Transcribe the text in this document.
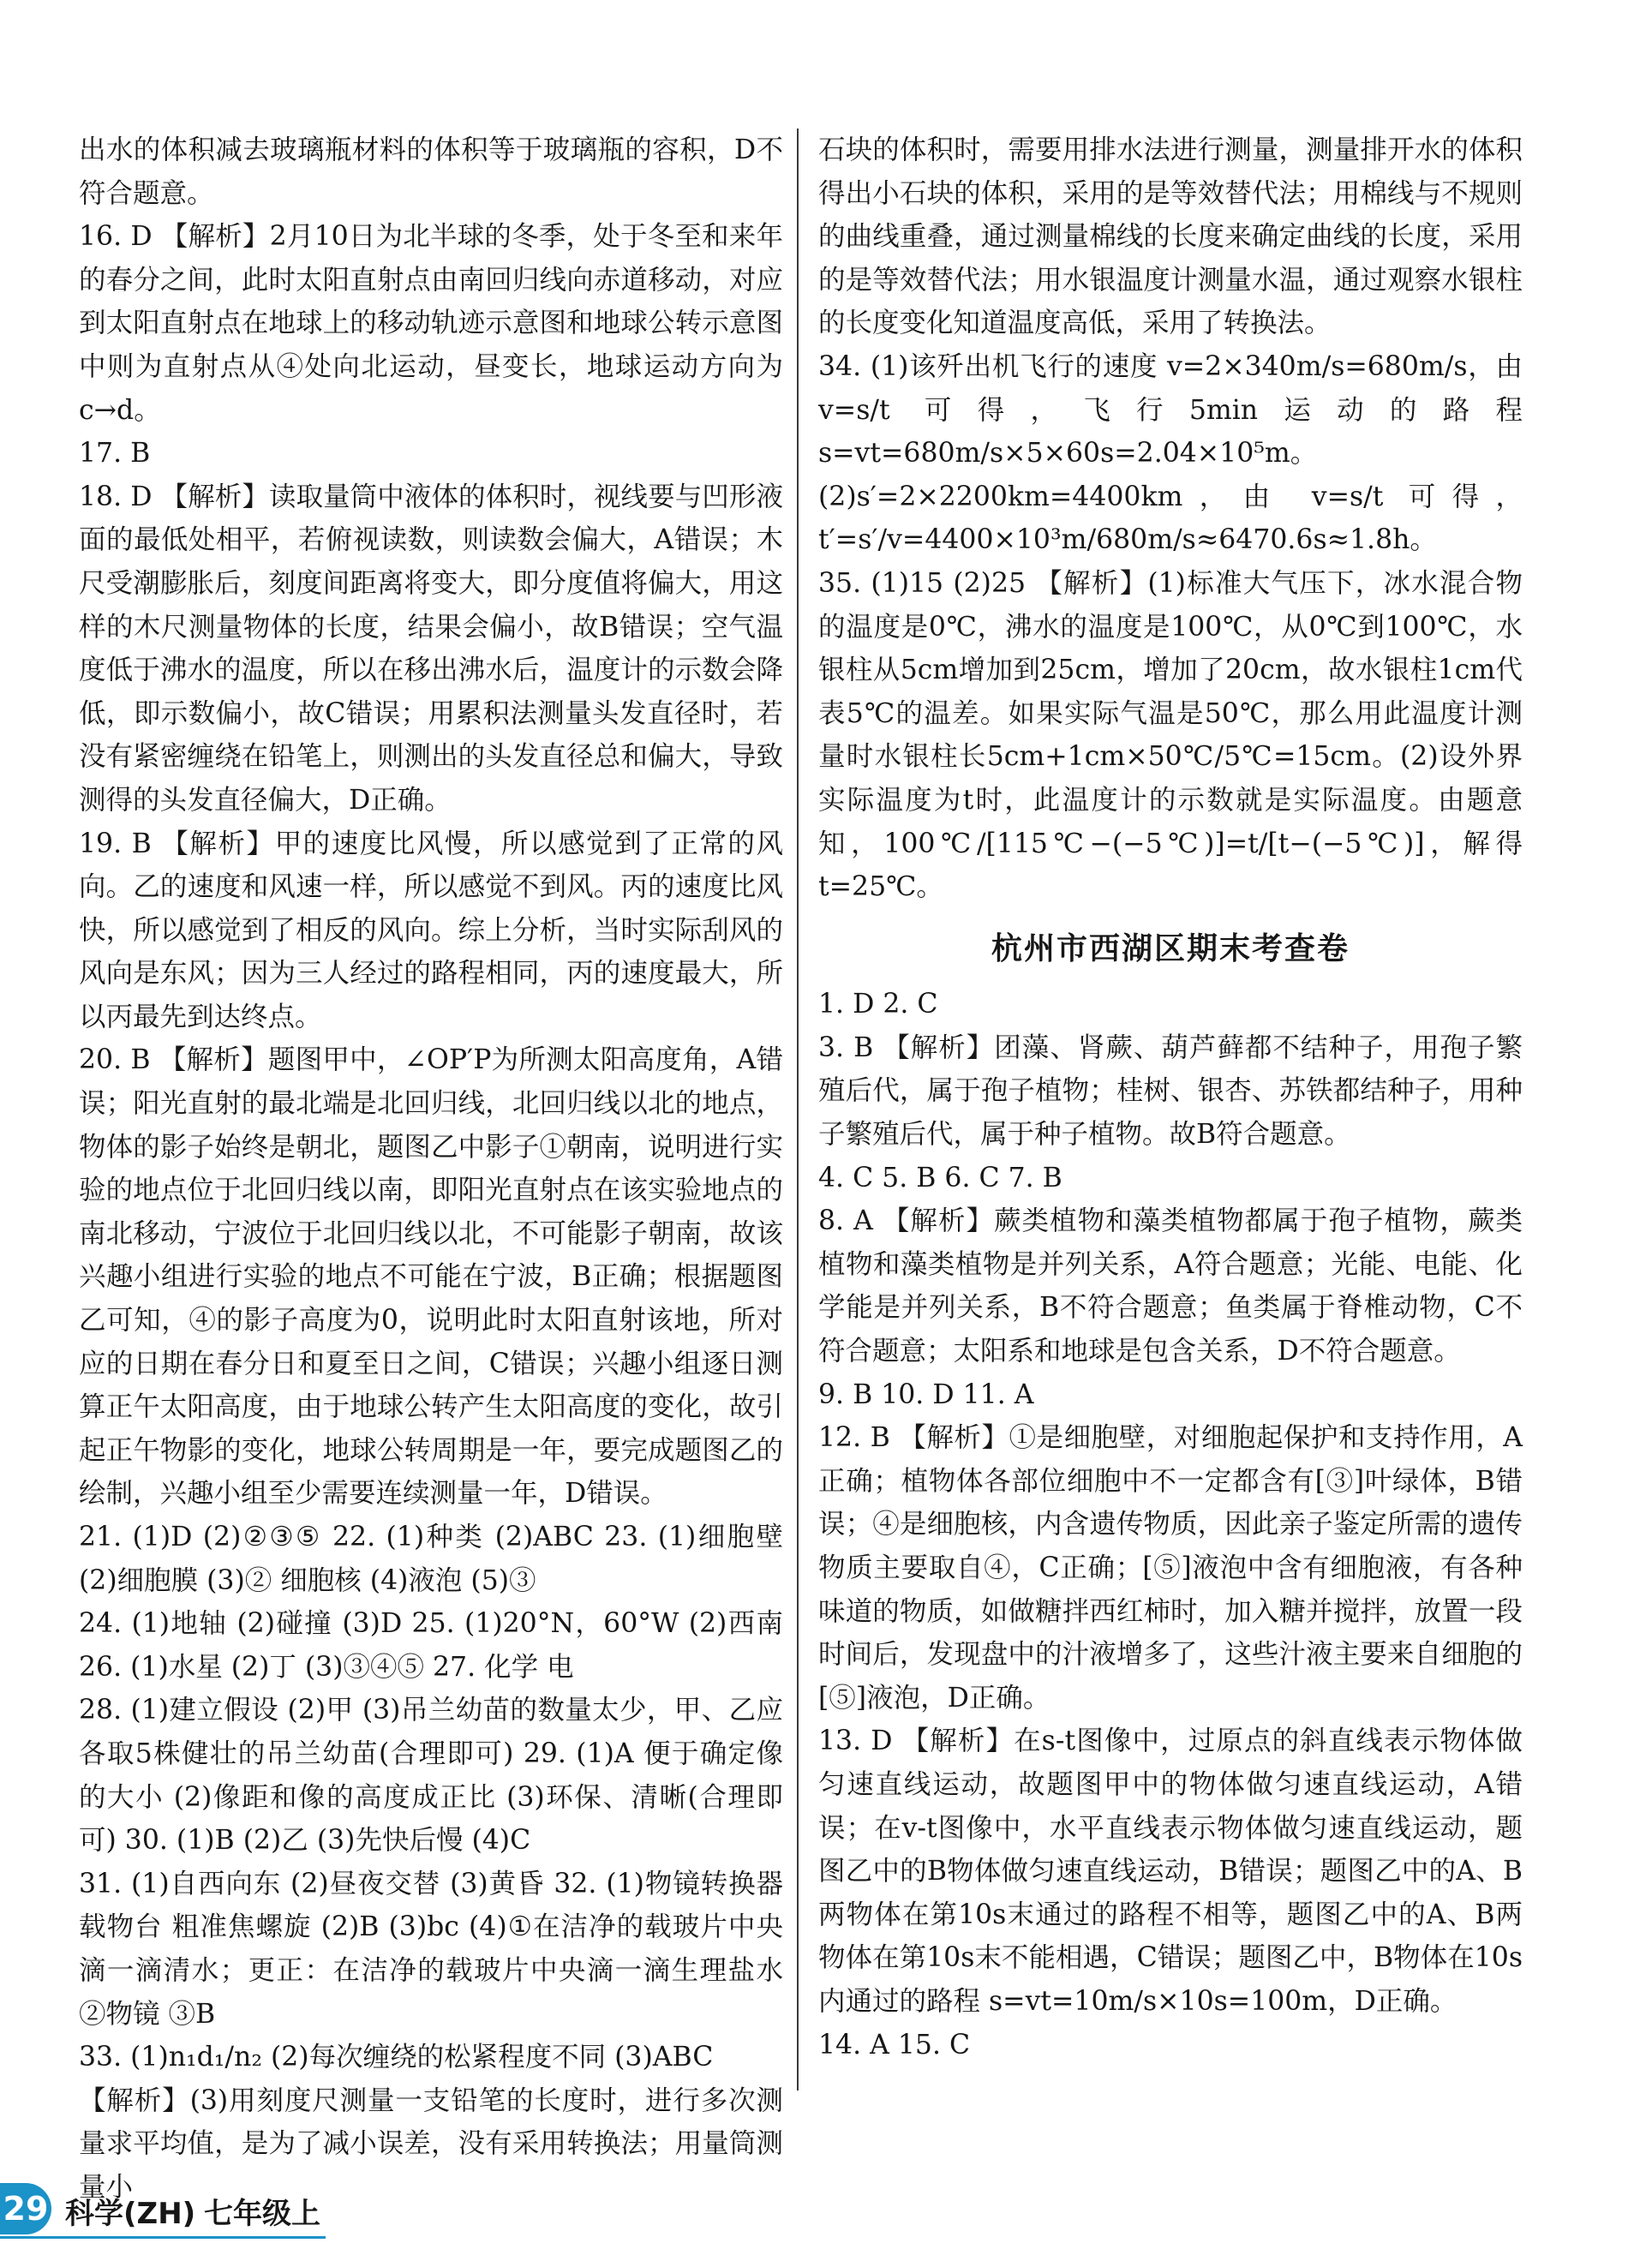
出水的体积减去玻璃瓶材料的体积等于玻璃瓶的容积，D不符合题意。

16. D 【解析】2月10日为北半球的冬季，处于冬至和来年的春分之间，此时太阳直射点由南回归线向赤道移动，对应到太阳直射点在地球上的移动轨迹示意图和地球公转示意图中则为直射点从④处向北运动，昼变长，地球运动方向为c→d。

17. B

18. D 【解析】读取量筒中液体的体积时，视线要与凹形液面的最低处相平，若俯视读数，则读数会偏大，A错误；木尺受潮膨胀后，刻度间距离将变大，即分度值将偏大，用这样的木尺测量物体的长度，结果会偏小，故B错误；空气温度低于沸水的温度，所以在移出沸水后，温度计的示数会降低，即示数偏小，故C错误；用累积法测量头发直径时，若没有紧密缠绕在铅笔上，则测出的头发直径总和偏大，导致测得的头发直径偏大，D正确。

19. B 【解析】甲的速度比风慢，所以感觉到了正常的风向。乙的速度和风速一样，所以感觉不到风。丙的速度比风快，所以感觉到了相反的风向。综上分析，当时实际刮风的风向是东风；因为三人经过的路程相同，丙的速度最大，所以丙最先到达终点。

20. B 【解析】题图甲中，∠OP′P为所测太阳高度角，A错误；阳光直射的最北端是北回归线，北回归线以北的地点，物体的影子始终是朝北，题图乙中影子①朝南，说明进行实验的地点位于北回归线以南，即阳光直射点在该实验地点的南北移动，宁波位于北回归线以北，不可能影子朝南，故该兴趣小组进行实验的地点不可能在宁波，B正确；根据题图乙可知，④的影子高度为0，说明此时太阳直射该地，所对应的日期在春分日和夏至日之间，C错误；兴趣小组逐日测算正午太阳高度，由于地球公转产生太阳高度的变化，故引起正午物影的变化，地球公转周期是一年，要完成题图乙的绘制，兴趣小组至少需要连续测量一年，D错误。

21. (1)D (2)②③⑤ 22. (1)种类 (2)ABC 23. (1)细胞壁 (2)细胞膜 (3)② 细胞核 (4)液泡 (5)③

24. (1)地轴 (2)碰撞 (3)D 25. (1)20°N，60°W (2)西南 26. (1)水星 (2)丁 (3)③④⑤ 27. 化学 电

28. (1)建立假设 (2)甲 (3)吊兰幼苗的数量太少，甲、乙应各取5株健壮的吊兰幼苗(合理即可) 29. (1)A 便于确定像的大小 (2)像距和像的高度成正比 (3)环保、清晰(合理即可) 30. (1)B (2)乙 (3)先快后慢 (4)C

31. (1)自西向东 (2)昼夜交替 (3)黄昏 32. (1)物镜转换器 载物台 粗准焦螺旋 (2)B (3)bc (4)①在洁净的载玻片中央滴一滴清水；更正：在洁净的载玻片中央滴一滴生理盐水 ②物镜 ③B

33. (1)n₁d₁/n₂ (2)每次缠绕的松紧程度不同 (3)ABC

【解析】(3)用刻度尺测量一支铅笔的长度时，进行多次测量求平均值，是为了减小误差，没有采用转换法；用量筒测量小

石块的体积时，需要用排水法进行测量，测量排开水的体积得出小石块的体积，采用的是等效替代法；用棉线与不规则的曲线重叠，通过测量棉线的长度来确定曲线的长度，采用的是等效替代法；用水银温度计测量水温，通过观察水银柱的长度变化知道温度高低，采用了转换法。

34. (1)该歼出机飞行的速度 v=2×340m/s=680m/s，由 v=s/t 可得，飞行5min运动的路程 s=vt=680m/s×5×60s=2.04×10⁵m。

(2)s′=2×2200km=4400km，由 v=s/t 可得，t′=s′/v=4400×10³m/680m/s≈6470.6s≈1.8h。

35. (1)15 (2)25 【解析】(1)标准大气压下，冰水混合物的温度是0℃，沸水的温度是100℃，从0℃到100℃，水银柱从5cm增加到25cm，增加了20cm，故水银柱1cm代表5℃的温差。如果实际气温是50℃，那么用此温度计测量时水银柱长5cm+1cm×50℃/5℃=15cm。(2)设外界实际温度为t时，此温度计的示数就是实际温度。由题意知，100℃/[115℃−(−5℃)]=t/[t−(−5℃)]，解得t=25℃。

杭州市西湖区期末考查卷

1. D 2. C

3. B 【解析】团藻、肾蕨、葫芦藓都不结种子，用孢子繁殖后代，属于孢子植物；桂树、银杏、苏铁都结种子，用种子繁殖后代，属于种子植物。故B符合题意。

4. C 5. B 6. C 7. B

8. A 【解析】蕨类植物和藻类植物都属于孢子植物，蕨类植物和藻类植物是并列关系，A符合题意；光能、电能、化学能是并列关系，B不符合题意；鱼类属于脊椎动物，C不符合题意；太阳系和地球是包含关系，D不符合题意。

9. B 10. D 11. A

12. B 【解析】①是细胞壁，对细胞起保护和支持作用，A正确；植物体各部位细胞中不一定都含有[③]叶绿体，B错误；④是细胞核，内含遗传物质，因此亲子鉴定所需的遗传物质主要取自④，C正确；[⑤]液泡中含有细胞液，有各种味道的物质，如做糖拌西红柿时，加入糖并搅拌，放置一段时间后，发现盘中的汁液增多了，这些汁液主要来自细胞的[⑤]液泡，D正确。

13. D 【解析】在s-t图像中，过原点的斜直线表示物体做匀速直线运动，故题图甲中的物体做匀速直线运动，A错误；在v-t图像中，水平直线表示物体做匀速直线运动，题图乙中的B物体做匀速直线运动，B错误；题图乙中的A、B两物体在第10s末通过的路程不相等，题图乙中的A、B两物体在第10s末不能相遇，C错误；题图乙中，B物体在10s内通过的路程 s=vt=10m/s×10s=100m，D正确。

14. A 15. C

29 科学(ZH) 七年级上
